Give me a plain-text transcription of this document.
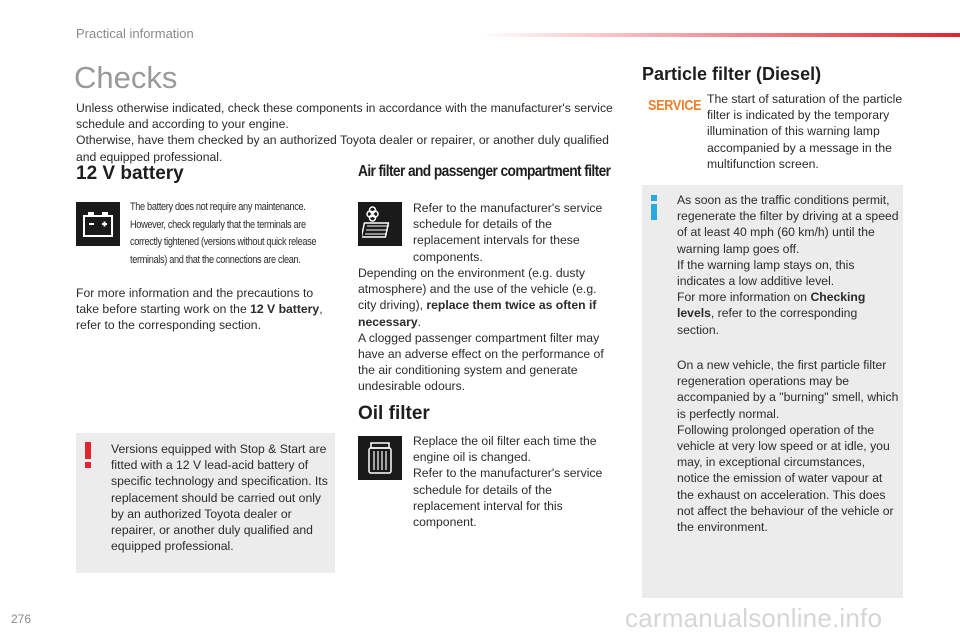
Practical information
Checks

Unless otherwise indicated, check these components in accordance with the manufacturer's service schedule and according to your engine.

Otherwise, have them checked by an authorized Toyota dealer or repairer, or another duly qualified and equipped professional.

12 V battery
The battery does not require any maintenance. However, check regularly that the terminals are correctly tightened (versions without quick release terminals) and that the connections are clean.
For more information and the precautions to take before starting work on the 12 V battery, refer to the corresponding section.
Versions equipped with Stop & Start are fitted with a 12 V lead-acid battery of specific technology and specification. Its replacement should be carried out only by an authorized Toyota dealer or repairer, or another duly qualified and equipped professional.
Air filter and passenger compartment filter
Refer to the manufacturer's service schedule for details of the replacement intervals for these components.
Depending on the environment (e.g. dusty atmosphere) and the use of the vehicle (e.g. city driving), replace them twice as often if necessary.
A clogged passenger compartment filter may have an adverse effect on the performance of the air conditioning system and generate undesirable odours.
Oil filter
Replace the oil filter each time the engine oil is changed.
Refer to the manufacturer's service schedule for details of the replacement interval for this component.
Particle filter (Diesel)
SERVICE The start of saturation of the particle filter is indicated by the temporary illumination of this warning lamp accompanied by a message in the multifunction screen.
As soon as the traffic conditions permit, regenerate the filter by driving at a speed of at least 40 mph (60 km/h) until the warning lamp goes off.
If the warning lamp stays on, this indicates a low additive level.
For more information on Checking levels, refer to the corresponding section.
On a new vehicle, the first particle filter regeneration operations may be accompanied by a "burning" smell, which is perfectly normal.
Following prolonged operation of the vehicle at very low speed or at idle, you may, in exceptional circumstances, notice the emission of water vapour at the exhaust on acceleration. This does not affect the behaviour of the vehicle or the environment.
276	carmanualsonline.info
